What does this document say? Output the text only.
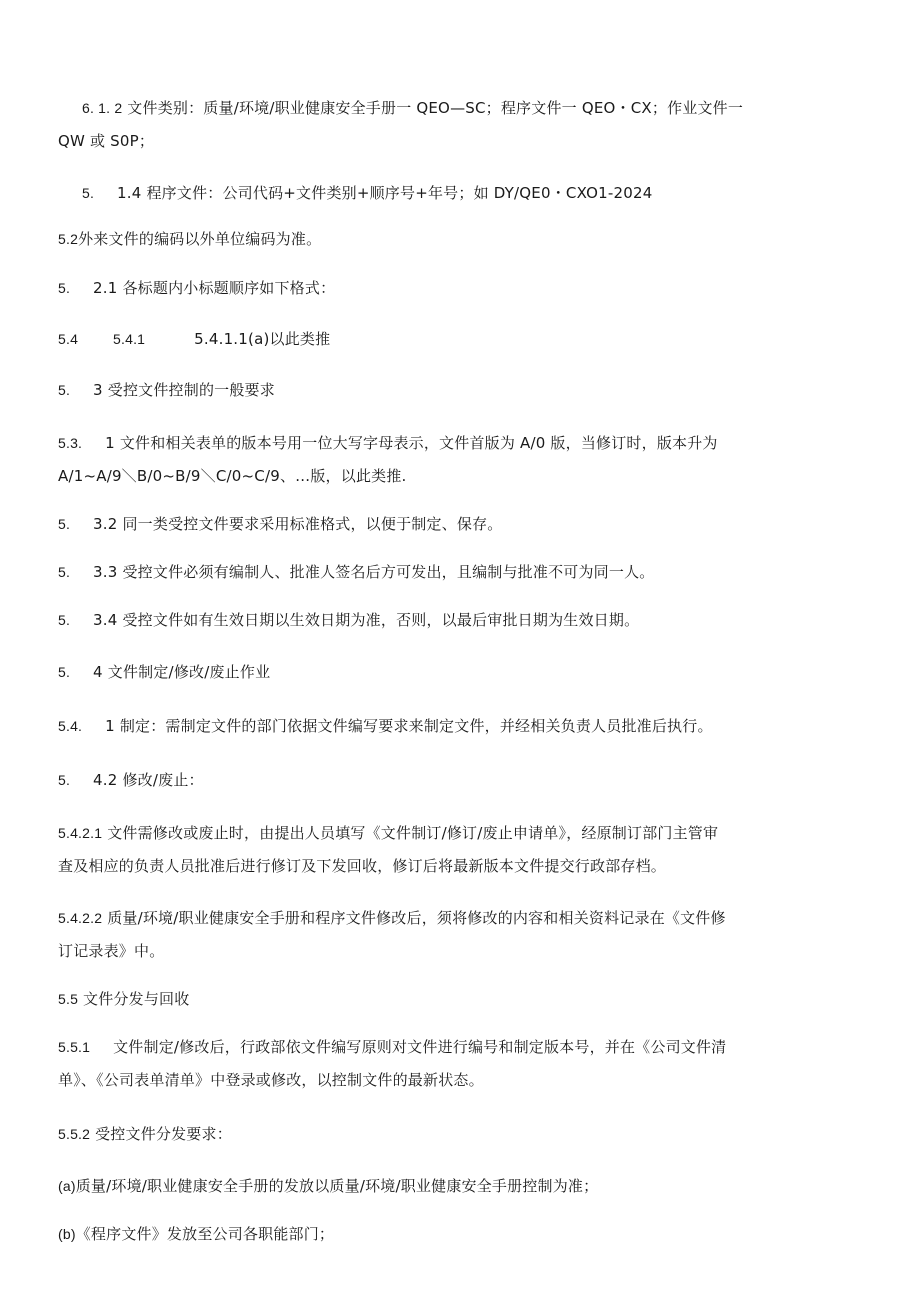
6. 1. 2 文件类别：质量/环境/职业健康安全手册一 QEO—SC；程序文件一 QEO・CX；作业文件一
QW 或 S0P；
5. 1.4 程序文件：公司代码+文件类别+顺序号+年号；如 DY/QE0・CXO1-2024
5.2外来文件的编码以外单位编码为准。
5. 2.1 各标题内小标题顺序如下格式：
5.4 5.4.1	5.4.1.1(a)以此类推
5. 3 受控文件控制的一般要求
5.3. 1 文件和相关表单的版本号用一位大写字母表示，文件首版为 A/0 版，当修订时，版本升为
A/1~A/9＼B/0~B/9＼C/0~C/9、…版，以此类推.
5. 3.2 同一类受控文件要求采用标准格式，以便于制定、保存。
5. 3.3 受控文件必须有编制人、批准人签名后方可发出，且编制与批准不可为同一人。
5. 3.4 受控文件如有生效日期以生效日期为准，否则，以最后审批日期为生效日期。
5. 4 文件制定/修改/废止作业
5.4. 1 制定：需制定文件的部门依据文件编写要求来制定文件，并经相关负责人员批准后执行。
5. 4.2 修改/废止：
5.4.2.1 文件需修改或废止时，由提出人员填写《文件制订/修订/废止申请单》，经原制订部门主管审
查及相应的负责人员批准后进行修订及下发回收，修订后将最新版本文件提交行政部存档。
5.4.2.2 质量/环境/职业健康安全手册和程序文件修改后，须将修改的内容和相关资料记录在《文件修
订记录表》中。
5.5 文件分发与回收
5.5.1 文件制定/修改后，行政部依文件编写原则对文件进行编号和制定版本号，并在《公司文件清
单》、《公司表单清单》中登录或修改，以控制文件的最新状态。
5.5.2 受控文件分发要求：
(a)质量/环境/职业健康安全手册的发放以质量/环境/职业健康安全手册控制为准；
(b)《程序文件》发放至公司各职能部门；
